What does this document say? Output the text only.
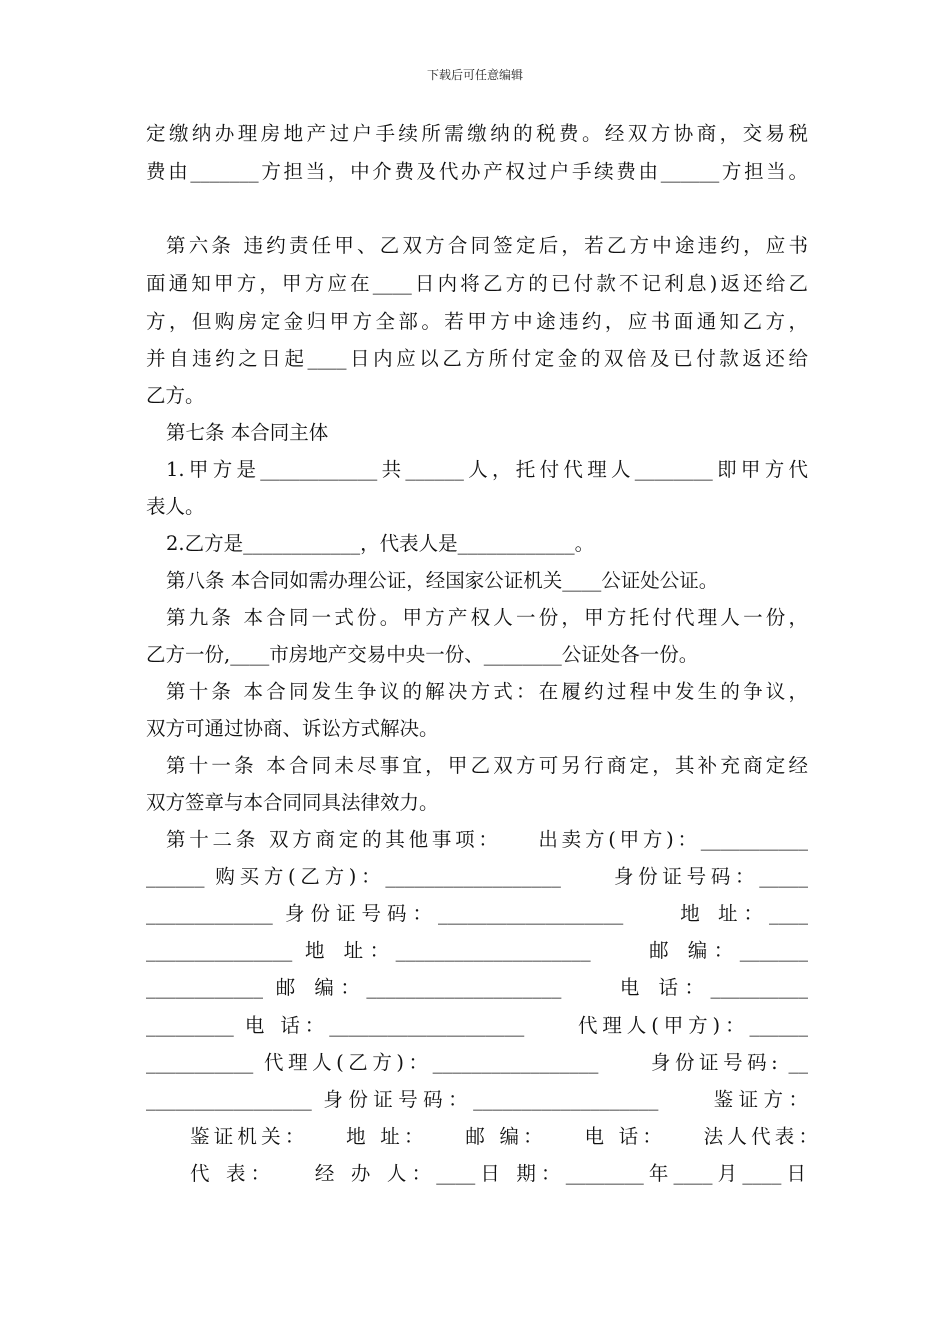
下载后可任意编辑
定缴纳办理房地产过户手续所需缴纳的税费。经双方协商，交易税
费由_______方担当，中介费及代办产权过户手续费由______方担当。
第六条 违约责任甲、乙双方合同签定后，若乙方中途违约，应书
面通知甲方，甲方应在____日内将乙方的已付款不记利息)返还给乙
方，但购房定金归甲方全部。若甲方中途违约，应书面通知乙方，
并自违约之日起____日内应以乙方所付定金的双倍及已付款返还给
乙方。
第七条 本合同主体
1.甲方是____________共______人，托付代理人________即甲方代
表人。
2.乙方是____________，代表人是____________。
第八条 本合同如需办理公证，经国家公证机关____公证处公证。
第九条 本合同一式份。甲方产权人一份，甲方托付代理人一份，
乙方一份,____市房地产交易中央一份、________公证处各一份。
第十条 本合同发生争议的解决方式：在履约过程中发生的争议，
双方可通过协商、诉讼方式解决。
第十一条 本合同未尽事宜，甲乙双方可另行商定，其补充商定经
双方签章与本合同同具法律效力。
第十二条 双方商定的其他事项：　　出卖方(甲方)：___________
______ 购买方(乙方)：__________________　　身份证号码：_____
_____________ 身份证号码：___________________　　地 址：____
_______________ 地 址：____________________　　邮 编：_______
____________ 邮 编：____________________　　电 话：__________
_________ 电 话：____________________　　代理人(甲方)：______
___________ 代理人(乙方)：_________________　　身份证号码: __
_________________ 身份证号码：___________________　　鉴证方：
鉴证机关：　　地 址：　　邮 编：　　电 话：　　法人代表：
代 表：　　经 办 人：____日 期：________年____月____日
